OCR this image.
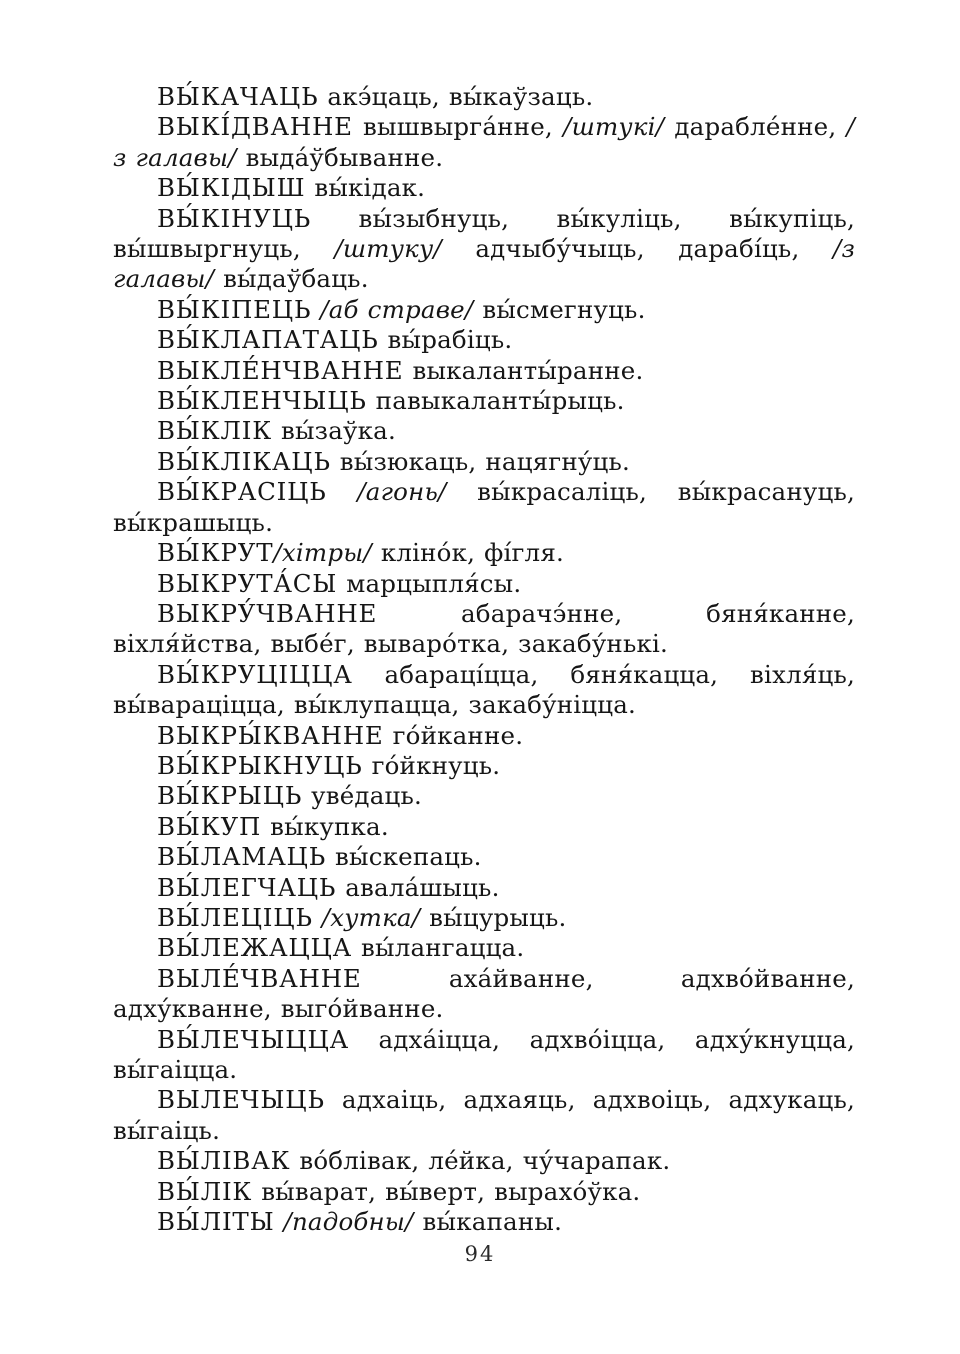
ВЫ́КАЧАЦЬ акэ́цаць, вы́каўзаць.

ВЫКІ́ДВАННЕ вышвырга́нне, /штукі/ дарабле́нне, /з галавы/ выда́ўбыванне.

ВЫ́КІДЫШ вы́кідак.

ВЫ́КІНУЦЬ вы́зыбнуць, вы́куліць, вы́купіць, вы́швыргнуць, /штуку/ адчыбу́чыць, дарабі́ць, /з галавы/ вы́даўбаць.

ВЫ́КІПЕЦЬ /аб страве/ вы́смегнуць.

ВЫ́КЛАПАТАЦЬ вы́рабіць.

ВЫКЛЕ́НЧВАННЕ выкаланты́ранне.

ВЫ́КЛЕНЧЫЦЬ павыкаланты́рыць.

ВЫ́КЛІК вы́заўка.

ВЫ́КЛІКАЦЬ вы́зюкаць, нацягну́ць.

ВЫ́КРАСІЦЬ /агонь/ вы́красаліць, вы́красануць, вы́крашыць.

ВЫ́КРУТ/хітры/ кліно́к, фі́гля.

ВЫКРУТА́СЫ марцыпля́сы.

ВЫКРУ́ЧВАННЕ абарачэ́нне, бяня́канне, віхля́йства, выбе́г, вываро́тка, закабу́нькі.

ВЫ́КРУЦІЦЦА абараці́цца, бяня́кацца, віхля́ць, вы́вараціцца, вы́клупацца, закабу́ніцца.

ВЫКРЫ́КВАННЕ го́йканне.

ВЫ́КРЫКНУЦЬ го́йкнуць.

ВЫ́КРЫЦЬ уве́даць.

ВЫ́КУП вы́купка.

ВЫ́ЛАМАЦЬ вы́скепаць.

ВЫ́ЛЕГЧАЦЬ авала́шыць.

ВЫ́ЛЕЦІЦЬ /хутка/ вы́цурыць.

ВЫ́ЛЕЖАЦЦА вы́лангацца.

ВЫЛЕ́ЧВАННЕ аха́йванне, адхво́йванне, адху́кванне, выго́йванне.

ВЫ́ЛЕЧЫЦЦА адха́іцца, адхво́іцца, адху́кнуцца, вы́гаіцца.

ВЫЛЕЧЫЦЬ адхаіць, адхаяць, адхвоіць, адхукаць, вы́гаіць.

ВЫ́ЛІВАК во́блівак, ле́йка, чу́чарапак.

ВЫ́ЛІК вы́варат, вы́верт, вырахо́ўка.

ВЫ́ЛІТЫ /падобны/ вы́капаны.

94
